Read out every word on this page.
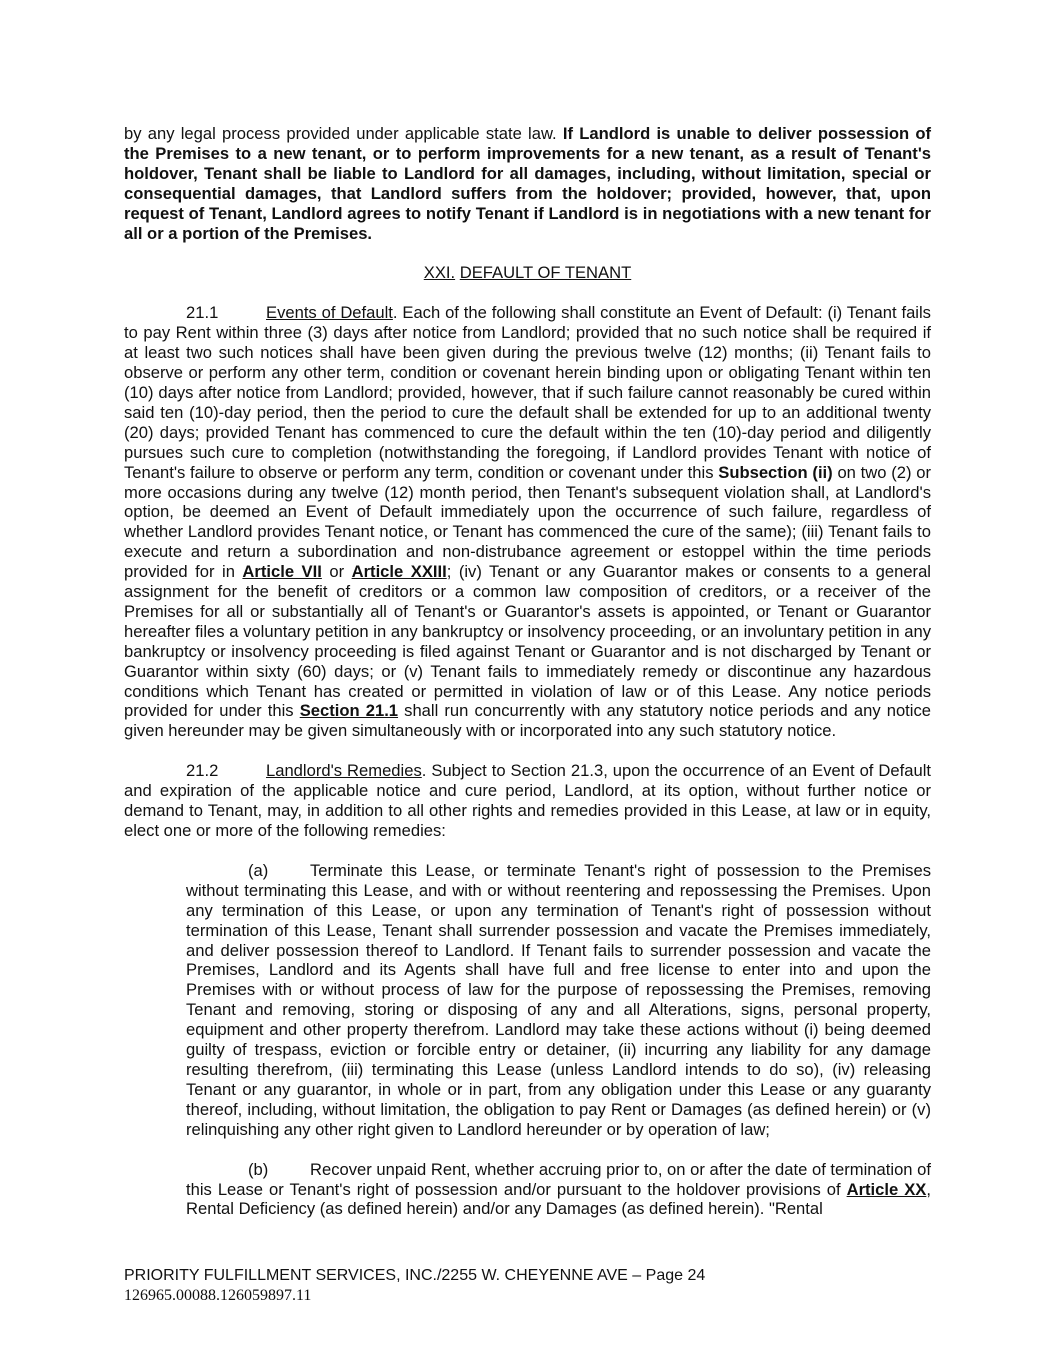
by any legal process provided under applicable state law. If Landlord is unable to deliver possession of the Premises to a new tenant, or to perform improvements for a new tenant, as a result of Tenant's holdover, Tenant shall be liable to Landlord for all damages, including, without limitation, special or consequential damages, that Landlord suffers from the holdover; provided, however, that, upon request of Tenant, Landlord agrees to notify Tenant if Landlord is in negotiations with a new tenant for all or a portion of the Premises.

XXI. DEFAULT OF TENANT

21.1	Events of Default. Each of the following shall constitute an Event of Default: (i) Tenant fails to pay Rent within three (3) days after notice from Landlord; provided that no such notice shall be required if at least two such notices shall have been given during the previous twelve (12) months; (ii) Tenant fails to observe or perform any other term, condition or covenant herein binding upon or obligating Tenant within ten (10) days after notice from Landlord; provided, however, that if such failure cannot reasonably be cured within said ten (10)-day period, then the period to cure the default shall be extended for up to an additional twenty (20) days; provided Tenant has commenced to cure the default within the ten (10)-day period and diligently pursues such cure to completion (notwithstanding the foregoing, if Landlord provides Tenant with notice of Tenant's failure to observe or perform any term, condition or covenant under this Subsection (ii) on two (2) or more occasions during any twelve (12) month period, then Tenant's subsequent violation shall, at Landlord's option, be deemed an Event of Default immediately upon the occurrence of such failure, regardless of whether Landlord provides Tenant notice, or Tenant has commenced the cure of the same); (iii) Tenant fails to execute and return a subordination and non-distrubance agreement or estoppel within the time periods provided for in Article VII or Article XXIII; (iv) Tenant or any Guarantor makes or consents to a general assignment for the benefit of creditors or a common law composition of creditors, or a receiver of the Premises for all or substantially all of Tenant's or Guarantor's assets is appointed, or Tenant or Guarantor hereafter files a voluntary petition in any bankruptcy or insolvency proceeding, or an involuntary petition in any bankruptcy or insolvency proceeding is filed against Tenant or Guarantor and is not discharged by Tenant or Guarantor within sixty (60) days; or (v) Tenant fails to immediately remedy or discontinue any hazardous conditions which Tenant has created or permitted in violation of law or of this Lease. Any notice periods provided for under this Section 21.1 shall run concurrently with any statutory notice periods and any notice given hereunder may be given simultaneously with or incorporated into any such statutory notice.

21.2	Landlord's Remedies. Subject to Section 21.3, upon the occurrence of an Event of Default and expiration of the applicable notice and cure period, Landlord, at its option, without further notice or demand to Tenant, may, in addition to all other rights and remedies provided in this Lease, at law or in equity, elect one or more of the following remedies:

(a)	Terminate this Lease, or terminate Tenant's right of possession to the Premises without terminating this Lease, and with or without reentering and repossessing the Premises. Upon any termination of this Lease, or upon any termination of Tenant's right of possession without termination of this Lease, Tenant shall surrender possession and vacate the Premises immediately, and deliver possession thereof to Landlord. If Tenant fails to surrender possession and vacate the Premises, Landlord and its Agents shall have full and free license to enter into and upon the Premises with or without process of law for the purpose of repossessing the Premises, removing Tenant and removing, storing or disposing of any and all Alterations, signs, personal property, equipment and other property therefrom. Landlord may take these actions without (i) being deemed guilty of trespass, eviction or forcible entry or detainer, (ii) incurring any liability for any damage resulting therefrom, (iii) terminating this Lease (unless Landlord intends to do so), (iv) releasing Tenant or any guarantor, in whole or in part, from any obligation under this Lease or any guaranty thereof, including, without limitation, the obligation to pay Rent or Damages (as defined herein) or (v) relinquishing any other right given to Landlord hereunder or by operation of law;

(b)	Recover unpaid Rent, whether accruing prior to, on or after the date of termination of this Lease or Tenant's right of possession and/or pursuant to the holdover provisions of Article XX, Rental Deficiency (as defined herein) and/or any Damages (as defined herein). "Rental

PRIORITY FULFILLMENT SERVICES, INC./2255 W. CHEYENNE AVE – Page 24
126965.00088.126059897.11
